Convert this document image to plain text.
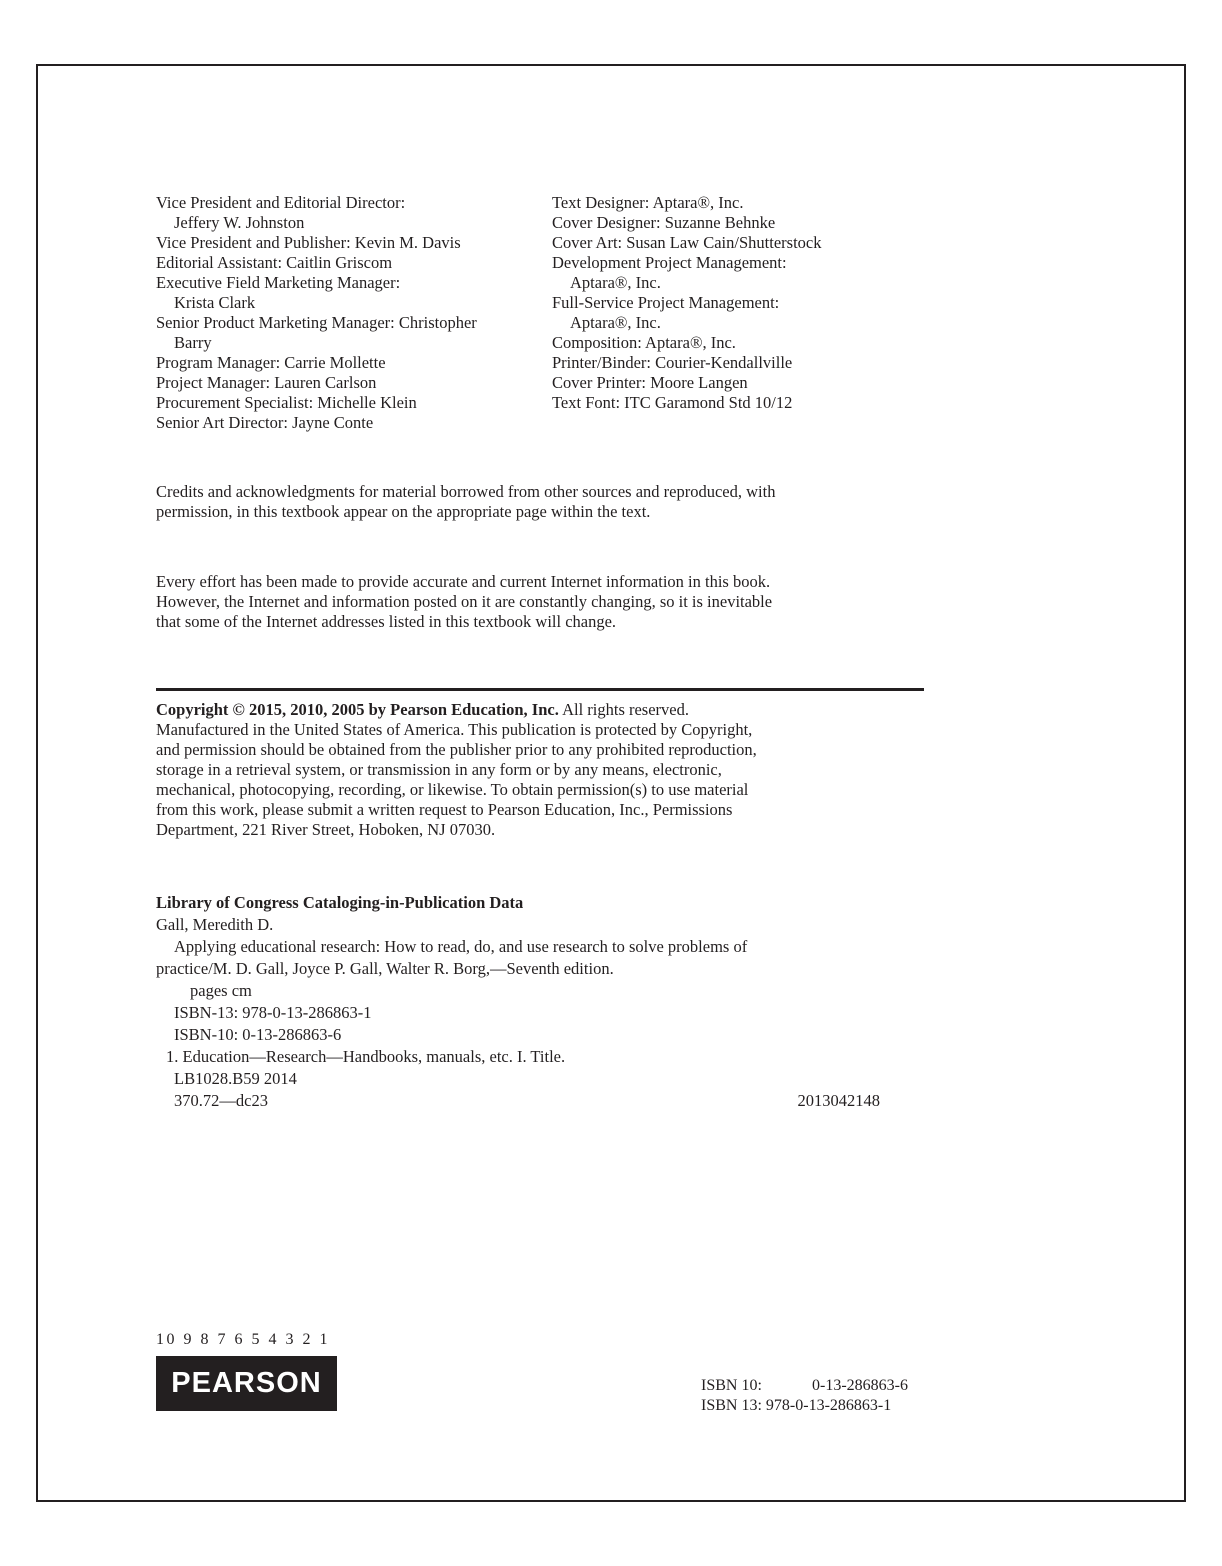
Vice President and Editorial Director:
Jeffery W. Johnston
Vice President and Publisher: Kevin M. Davis
Editorial Assistant: Caitlin Griscom
Executive Field Marketing Manager:
Krista Clark
Senior Product Marketing Manager: Christopher
Barry
Program Manager: Carrie Mollette
Project Manager: Lauren Carlson
Procurement Specialist: Michelle Klein
Senior Art Director: Jayne Conte
Text Designer: Aptara®, Inc.
Cover Designer: Suzanne Behnke
Cover Art: Susan Law Cain/Shutterstock
Development Project Management:
Aptara®, Inc.
Full-Service Project Management:
Aptara®, Inc.
Composition: Aptara®, Inc.
Printer/Binder: Courier-Kendallville
Cover Printer: Moore Langen
Text Font: ITC Garamond Std 10/12
Credits and acknowledgments for material borrowed from other sources and reproduced, with
permission, in this textbook appear on the appropriate page within the text.
Every effort has been made to provide accurate and current Internet information in this book.
However, the Internet and information posted on it are constantly changing, so it is inevitable
that some of the Internet addresses listed in this textbook will change.
Copyright © 2015, 2010, 2005 by Pearson Education, Inc. All rights reserved.
Manufactured in the United States of America. This publication is protected by Copyright,
and permission should be obtained from the publisher prior to any prohibited reproduction,
storage in a retrieval system, or transmission in any form or by any means, electronic,
mechanical, photocopying, recording, or likewise. To obtain permission(s) to use material
from this work, please submit a written request to Pearson Education, Inc., Permissions
Department, 221 River Street, Hoboken, NJ 07030.
Library of Congress Cataloging-in-Publication Data
Gall, Meredith D.
Applying educational research: How to read, do, and use research to solve problems of
practice/M. D. Gall, Joyce P. Gall, Walter R. Borg,—Seventh edition.
pages cm
ISBN-13: 978-0-13-286863-1
ISBN-10: 0-13-286863-6
1. Education—Research—Handbooks, manuals, etc. I. Title.
LB1028.B59 2014
370.72—dc23	2013042148
10 9 8 7 6 5 4 3 2 1
PEARSON	ISBN 10:	0-13-286863-6
ISBN 13: 978-0-13-286863-1
